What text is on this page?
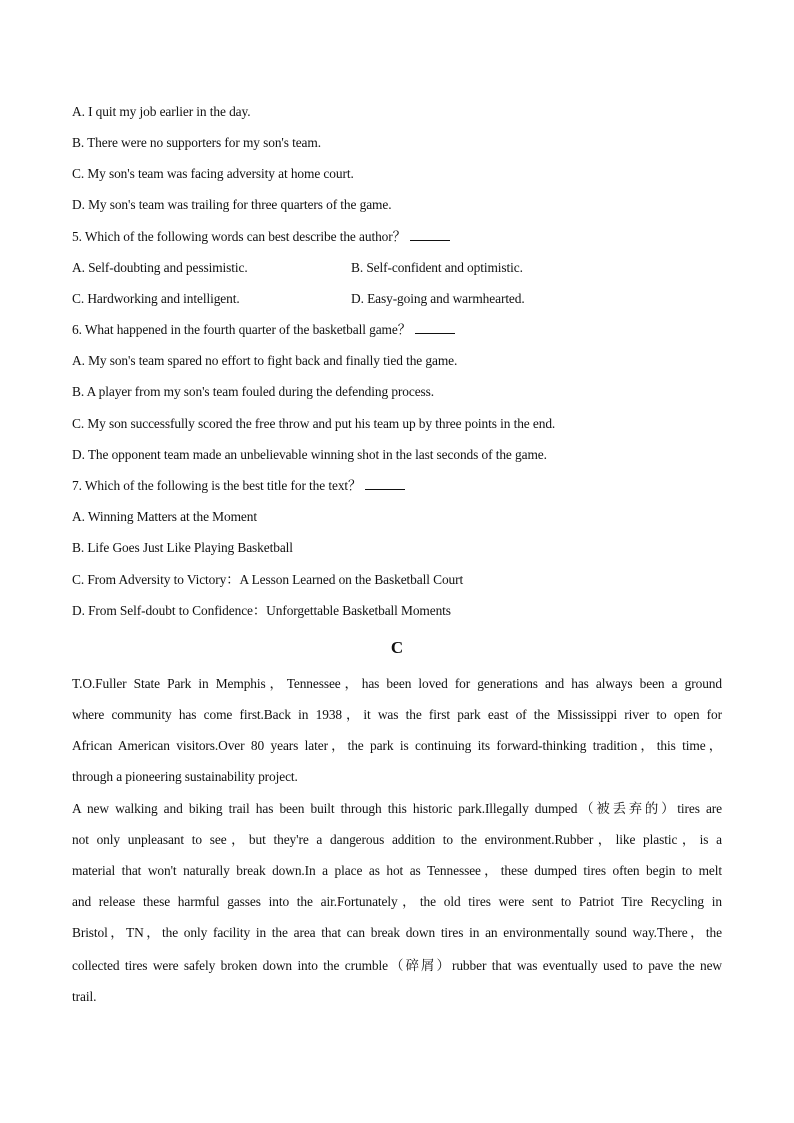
A. I quit my job earlier in the day.
B. There were no supporters for my son's team.
C. My son's team was facing adversity at home court.
D. My son's team was trailing for three quarters of the game.
5. Which of the following words can best describe the author？
A. Self-doubting and pessimistic.	B. Self-confident and optimistic.
C. Hardworking and intelligent.	D. Easy-going and warmhearted.
6. What happened in the fourth quarter of the basketball game？
A. My son's team spared no effort to fight back and finally tied the game.
B. A player from my son's team fouled during the defending process.
C. My son successfully scored the free throw and put his team up by three points in the end.
D. The opponent team made an unbelievable winning shot in the last seconds of the game.
7. Which of the following is the best title for the text？
A. Winning Matters at the Moment
B. Life Goes Just Like Playing Basketball
C. From Adversity to Victory：A Lesson Learned on the Basketball Court
D. From Self-doubt to Confidence：Unforgettable Basketball Moments
C
T.O.Fuller State Park in Memphis，Tennessee，has been loved for generations and has always been a ground
where community has come first.Back in 1938，it was the first park east of the Mississippi river to open for
African American visitors.Over 80 years later，the park is continuing its forward-thinking tradition，this time，
through a pioneering sustainability project.
A new walking and biking trail has been built through this historic park.Illegally dumped（被丢弃的）tires are
not only unpleasant to see，but they're a dangerous addition to the environment.Rubber，like plastic，is a
material that won't naturally break down.In a place as hot as Tennessee，these dumped tires often begin to melt
and release these harmful gasses into the air.Fortunately，the old tires were sent to Patriot Tire Recycling in
Bristol，TN，the only facility in the area that can break down tires in an environmentally sound way.There，the
collected tires were safely broken down into the crumble（碎屑）rubber that was eventually used to pave the new
trail.
